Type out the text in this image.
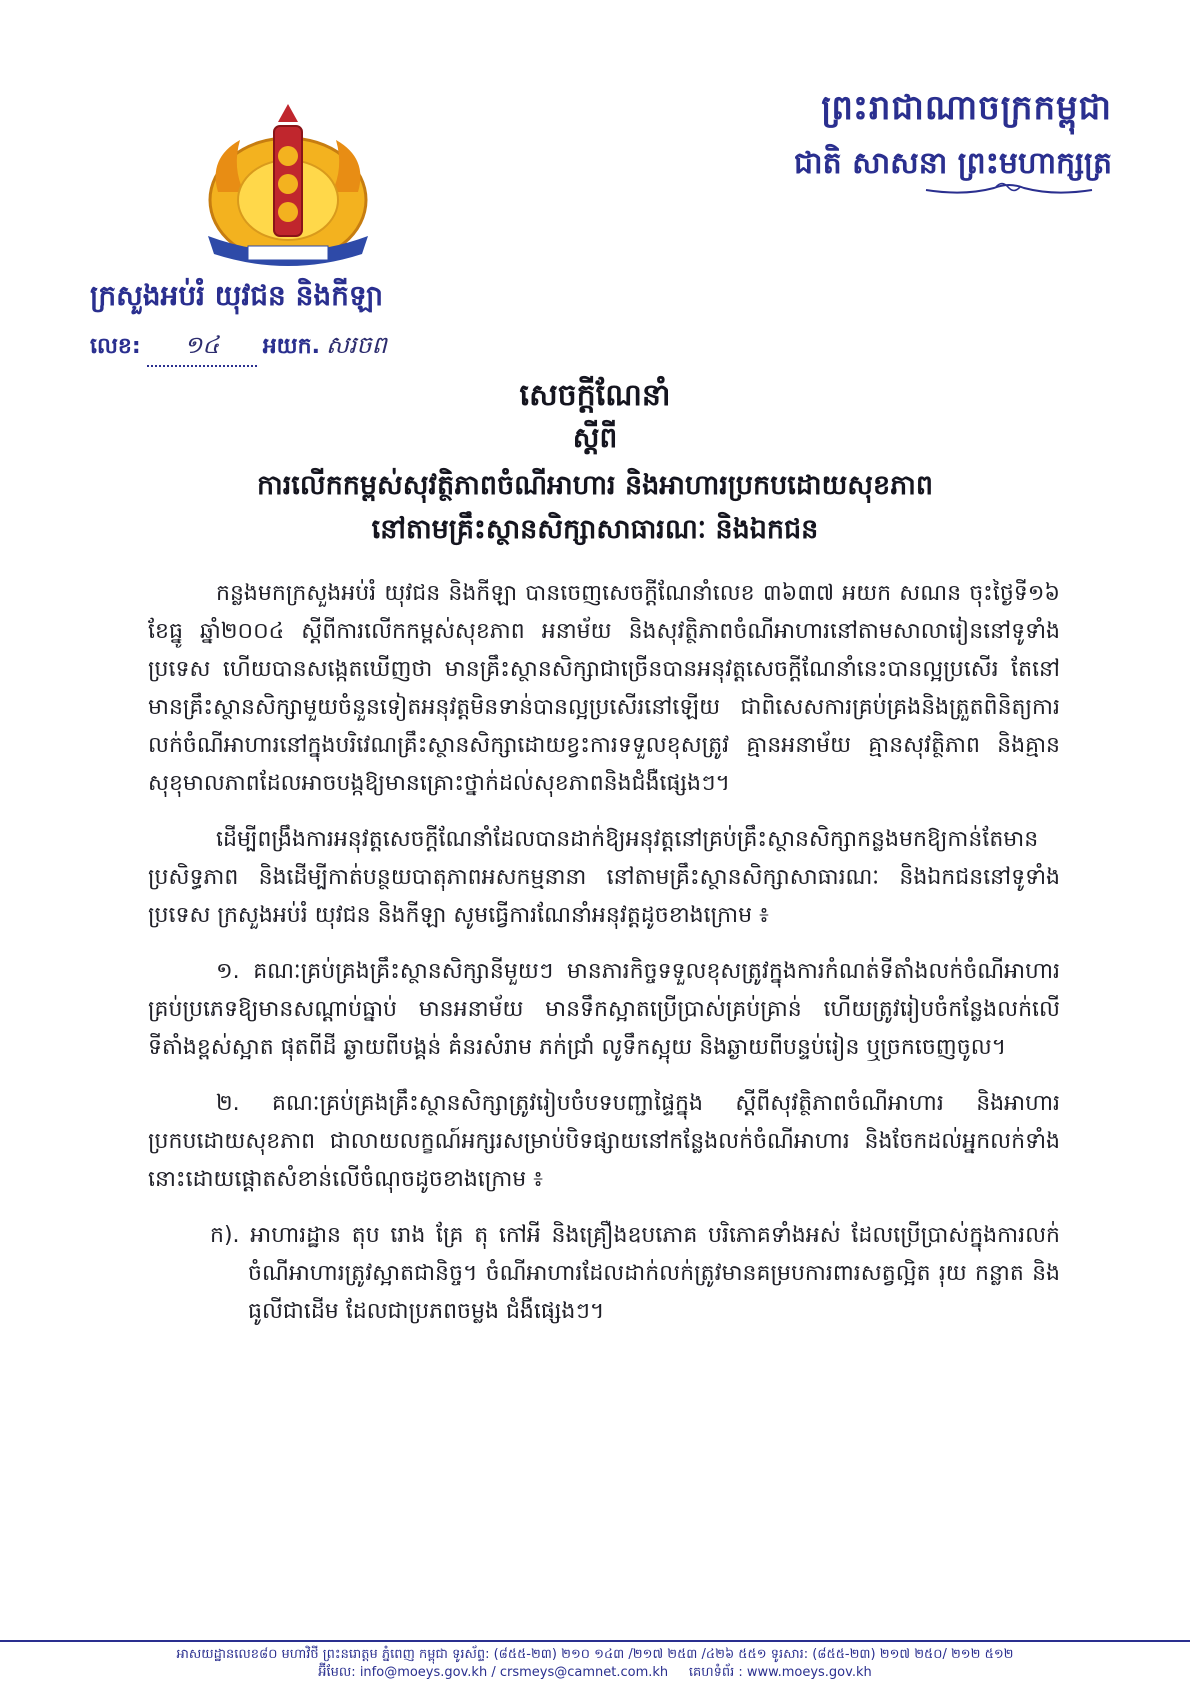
ព្រះរាជាណាចក្រកម្ពុជា
ជាតិ សាសនា ព្រះមហាក្សត្រ
ក្រសួងអប់រំ យុវជន និងកីឡា
លេខ:	១៤	អយក. សរចព
សេចក្តីណែនាំ
ស្តីពី
ការលើកកម្ពស់សុវត្ថិភាពចំណីអាហារ និងអាហារប្រកបដោយសុខភាព
នៅតាមគ្រឹះស្ថានសិក្សាសាធារណៈ និងឯកជន

កន្លងមកក្រសួងអប់រំ យុវជន និងកីឡា បានចេញសេចក្តីណែនាំលេខ ៣៦៣៧ អយក សណន ចុះថ្ងៃទី១៦ ខែធ្នូ ឆ្នាំ២០០៤ ស្តីពីការលើកកម្ពស់សុខភាព អនាម័យ និងសុវត្ថិភាពចំណីអាហារនៅតាមសាលារៀននៅទូទាំងប្រទេស ហើយបានសង្កេតឃើញថា មានគ្រឹះស្ថានសិក្សាជាច្រើនបានអនុវត្តសេចក្តីណែនាំនេះបានល្អប្រសើរ តែនៅមានគ្រឹះស្ថានសិក្សាមួយចំនួនទៀតអនុវត្តមិនទាន់បានល្អប្រសើរនៅឡើយ ជាពិសេសការគ្រប់គ្រងនិងត្រួតពិនិត្យការលក់ចំណីអាហារនៅក្នុងបរិវេណគ្រឹះស្ថានសិក្សាដោយខ្វះការទទួលខុសត្រូវ គ្មានអនាម័យ គ្មានសុវត្ថិភាព និងគ្មានសុខុមាលភាពដែលអាចបង្កឱ្យមានគ្រោះថ្នាក់ដល់សុខភាពនិងជំងឺផ្សេងៗ។

ដើម្បីពង្រឹងការអនុវត្តសេចក្តីណែនាំដែលបានដាក់ឱ្យអនុវត្តនៅគ្រប់គ្រឹះស្ថានសិក្សាកន្លងមកឱ្យកាន់តែមានប្រសិទ្ធភាព និងដើម្បីកាត់បន្ថយបាតុភាពអសកម្មនានា នៅតាមគ្រឹះស្ថានសិក្សាសាធារណៈ និងឯកជននៅទូទាំងប្រទេស ក្រសួងអប់រំ យុវជន និងកីឡា សូមធ្វើការណែនាំអនុវត្តដូចខាងក្រោម ៖

១. គណៈគ្រប់គ្រងគ្រឹះស្ថានសិក្សានីមួយៗ មានភារកិច្ចទទួលខុសត្រូវក្នុងការកំណត់ទីតាំងលក់ចំណីអាហារគ្រប់ប្រភេទឱ្យមានសណ្តាប់ធ្នាប់ មានអនាម័យ មានទឹកស្អាតប្រើប្រាស់គ្រប់គ្រាន់ ហើយត្រូវរៀបចំកន្លែងលក់លើទីតាំងខ្ពស់ស្អាត ផុតពីដី ឆ្ងាយពីបង្គន់ គំនរសំរាម ភក់ជ្រាំ លូទឹកស្អុយ និងឆ្ងាយពីបន្ទប់រៀន ឬច្រកចេញចូល។

២. គណៈគ្រប់គ្រងគ្រឹះស្ថានសិក្សាត្រូវរៀបចំបទបញ្ជាផ្ទៃក្នុង ស្តីពីសុវត្ថិភាពចំណីអាហារ និងអាហារប្រកបដោយសុខភាព ជាលាយលក្ខណ៍អក្សរសម្រាប់បិទផ្សាយនៅកន្លែងលក់ចំណីអាហារ និងចែកដល់អ្នកលក់ទាំងនោះដោយផ្តោតសំខាន់លើចំណុចដូចខាងក្រោម ៖

ក). អាហារដ្ឋាន តុប រោង គ្រែ តុ កៅអី និងគ្រឿងឧបភោគ បរិភោគទាំងអស់ ដែលប្រើប្រាស់ក្នុងការលក់ចំណីអាហារត្រូវស្អាតជានិច្ច។ ចំណីអាហារដែលដាក់លក់ត្រូវមានគម្របការពារសត្វល្អិត រុយ កន្លាត និងធូលីជាដើម ដែលជាប្រភពចម្លង ជំងឺផ្សេងៗ។

អាសយដ្ឋានលេខ៨០ មហាវិថី ព្រះនរោត្តម ភ្នំពេញ កម្ពុជា ទូរស័ព្ទ: (៨៥៥-២៣) ២១០ ១៤៣ /២១៧ ២៥៣ /៤២៦ ៥៥១ ទូរសារ: (៨៥៥-២៣) ២១៧ ២៥០/ ២១២ ៥១២
អ៊ីមែល: info@moeys.gov.kh / crsmeys@camnet.com.kh គេហទំព័រ : www.moeys.gov.kh
